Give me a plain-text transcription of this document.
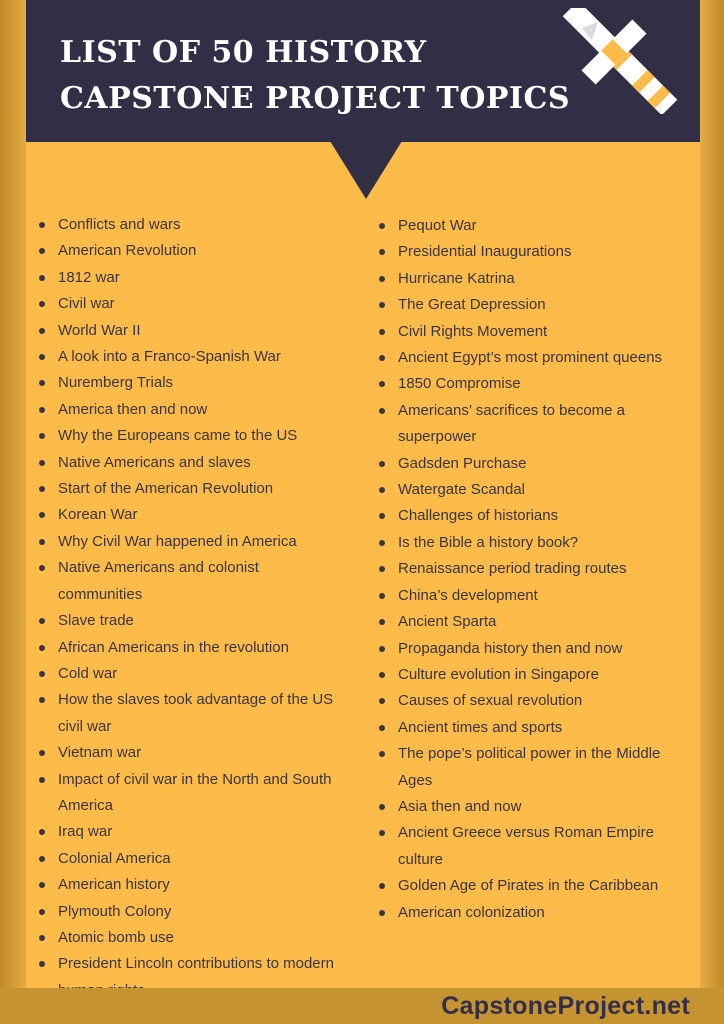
LIST OF 50 HISTORY
CAPSTONE PROJECT TOPICS
Conflicts and wars
American Revolution
1812 war
Civil war
World War II
A look into a Franco-Spanish War
Nuremberg Trials
America then and now
Why the Europeans came to the US
Native Americans and slaves
Start of the American Revolution
Korean War
Why Civil War happened in America
Native Americans and colonist communities
Slave trade
African Americans in the revolution
Cold war
How the slaves took advantage of the US civil war
Vietnam war
Impact of civil war in the North and South America
Iraq war
Colonial America
American history
Plymouth Colony
Atomic bomb use
President Lincoln contributions to modern
Pequot War
Presidential Inaugurations
Hurricane Katrina
The Great Depression
Civil Rights Movement
Ancient Egypt’s most prominent queens
1850 Compromise
Americans’ sacrifices to become a superpower
Gadsden Purchase
Watergate Scandal
Challenges of historians
Is the Bible a history book?
Renaissance period trading routes
China’s development
Ancient Sparta
Propaganda history then and now
Culture evolution in Singapore
Causes of sexual revolution
Ancient times and sports
The pope’s political power in the Middle Ages
Asia then and now
Ancient Greece versus Roman Empire culture
Golden Age of Pirates in the Caribbean
American colonization
CapstoneProject.net
